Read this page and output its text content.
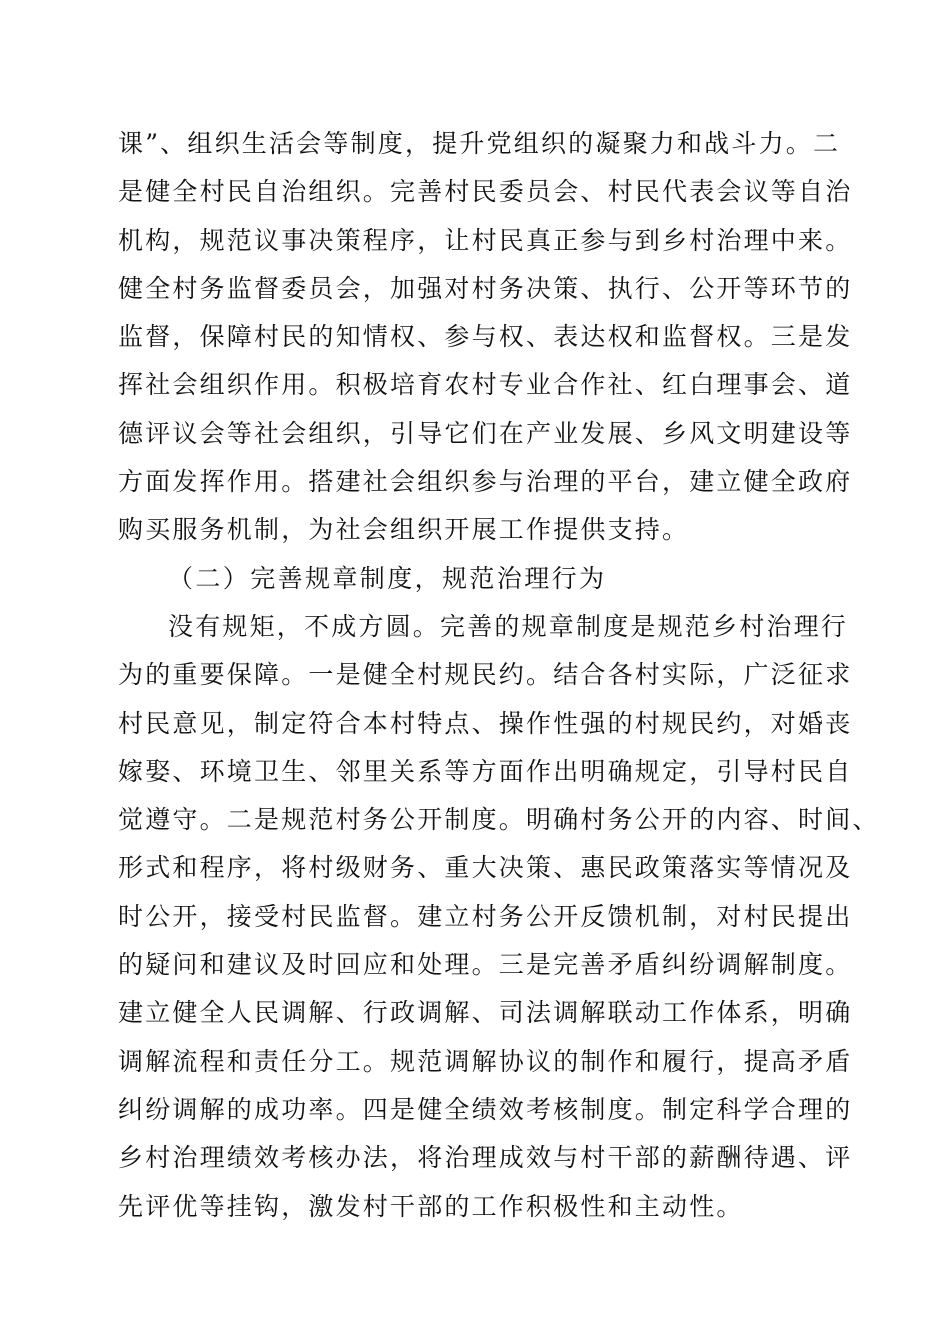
课”、组织生活会等制度，提升党组织的凝聚力和战斗力。二
是健全村民自治组织。完善村民委员会、村民代表会议等自治
机构，规范议事决策程序，让村民真正参与到乡村治理中来。
健全村务监督委员会，加强对村务决策、执行、公开等环节的
监督，保障村民的知情权、参与权、表达权和监督权。三是发
挥社会组织作用。积极培育农村专业合作社、红白理事会、道
德评议会等社会组织，引导它们在产业发展、乡风文明建设等
方面发挥作用。搭建社会组织参与治理的平台，建立健全政府
购买服务机制，为社会组织开展工作提供支持。
（二）完善规章制度，规范治理行为
没有规矩，不成方圆。完善的规章制度是规范乡村治理行
为的重要保障。一是健全村规民约。结合各村实际，广泛征求
村民意见，制定符合本村特点、操作性强的村规民约，对婚丧
嫁娶、环境卫生、邻里关系等方面作出明确规定，引导村民自
觉遵守。二是规范村务公开制度。明确村务公开的内容、时间、
形式和程序，将村级财务、重大决策、惠民政策落实等情况及
时公开，接受村民监督。建立村务公开反馈机制，对村民提出
的疑问和建议及时回应和处理。三是完善矛盾纠纷调解制度。
建立健全人民调解、行政调解、司法调解联动工作体系，明确
调解流程和责任分工。规范调解协议的制作和履行，提高矛盾
纠纷调解的成功率。四是健全绩效考核制度。制定科学合理的
乡村治理绩效考核办法，将治理成效与村干部的薪酬待遇、评
先评优等挂钩，激发村干部的工作积极性和主动性。
